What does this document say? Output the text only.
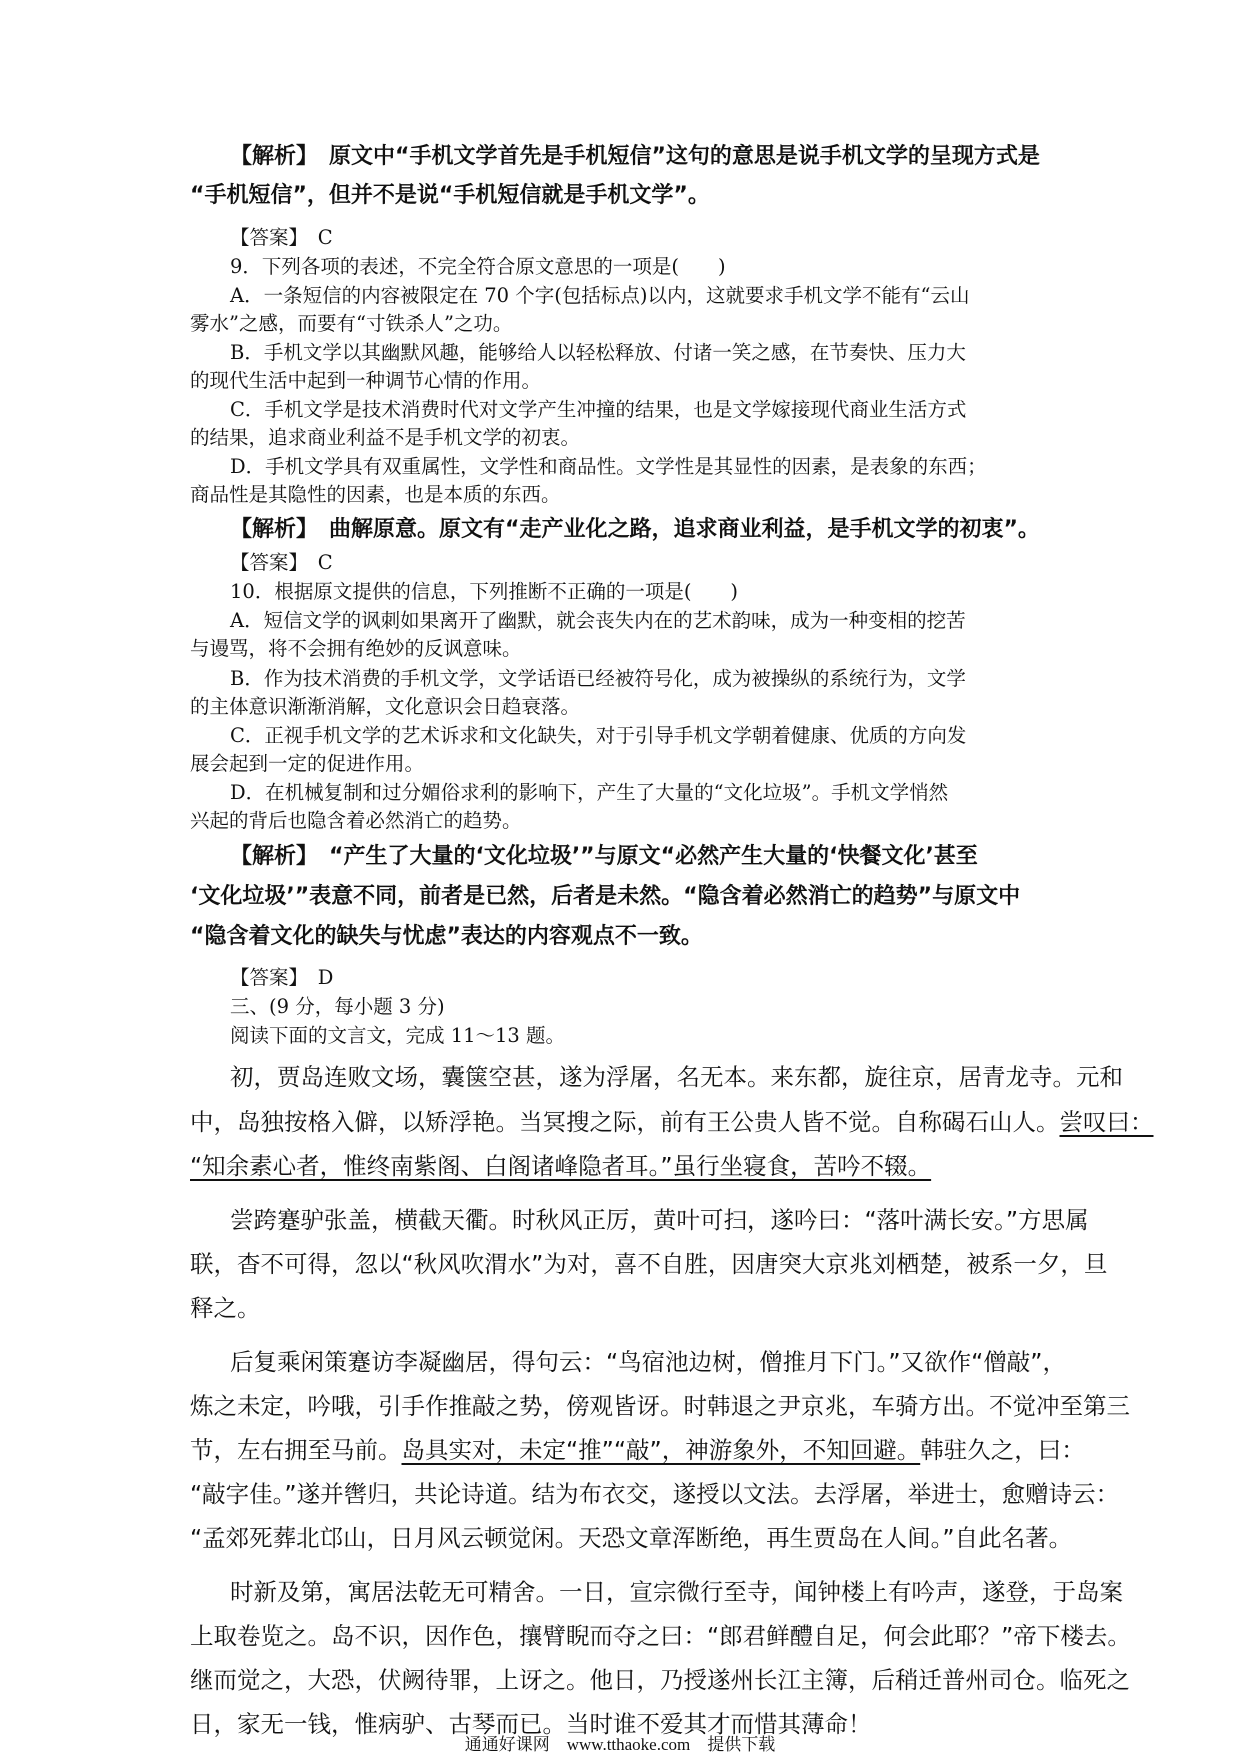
【解析】　原文中“手机文学首先是手机短信”这句的意思是说手机文学的呈现方式是
“手机短信”，但并不是说“手机短信就是手机文学”。
【答案】　C
9．下列各项的表述，不完全符合原文意思的一项是(　　)
A．一条短信的内容被限定在 70 个字(包括标点)以内，这就要求手机文学不能有“云山
雾水”之感，而要有“寸铁杀人”之功。
B．手机文学以其幽默风趣，能够给人以轻松释放、付诸一笑之感，在节奏快、压力大
的现代生活中起到一种调节心情的作用。
C．手机文学是技术消费时代对文学产生冲撞的结果，也是文学嫁接现代商业生活方式
的结果，追求商业利益不是手机文学的初衷。
D．手机文学具有双重属性，文学性和商品性。文学性是其显性的因素，是表象的东西；
商品性是其隐性的因素，也是本质的东西。
【解析】　曲解原意。原文有“走产业化之路，追求商业利益，是手机文学的初衷”。
【答案】　C
10．根据原文提供的信息，下列推断不正确的一项是(　　)
A．短信文学的讽刺如果离开了幽默，就会丧失内在的艺术韵味，成为一种变相的挖苦
与谩骂，将不会拥有绝妙的反讽意味。
B．作为技术消费的手机文学，文学话语已经被符号化，成为被操纵的系统行为，文学
的主体意识渐渐消解，文化意识会日趋衰落。
C．正视手机文学的艺术诉求和文化缺失，对于引导手机文学朝着健康、优质的方向发
展会起到一定的促进作用。
D．在机械复制和过分媚俗求利的影响下，产生了大量的“文化垃圾”。手机文学悄然
兴起的背后也隐含着必然消亡的趋势。
【解析】　“产生了大量的‘文化垃圾’”与原文“必然产生大量的‘快餐文化’甚至
‘文化垃圾’”表意不同，前者是已然，后者是未然。“隐含着必然消亡的趋势”与原文中
“隐含着文化的缺失与忧虑”表达的内容观点不一致。
【答案】　D
三、(9 分，每小题 3 分)
阅读下面的文言文，完成 11～13 题。
初，贾岛连败文场，囊箧空甚，遂为浮屠，名无本。来东都，旋往京，居青龙寺。元和
中，岛独按格入僻，以矫浮艳。当冥搜之际，前有王公贵人皆不觉。自称碣石山人。尝叹曰：
“知余素心者，惟终南紫阁、白阁诸峰隐者耳。”虽行坐寝食，苦吟不辍。
尝跨蹇驴张盖，横截天衢。时秋风正厉，黄叶可扫，遂吟曰：“落叶满长安。”方思属
联，杳不可得，忽以“秋风吹渭水”为对，喜不自胜，因唐突大京兆刘栖楚，被系一夕，旦
释之。
后复乘闲策蹇访李凝幽居，得句云：“鸟宿池边树，僧推月下门。”又欲作“僧敲”，
炼之未定，吟哦，引手作推敲之势，傍观皆讶。时韩退之尹京兆，车骑方出。不觉冲至第三
节，左右拥至马前。岛具实对，未定“推”“敲”，神游象外，不知回避。韩驻久之，曰：
“敲字佳。”遂并辔归，共论诗道。结为布衣交，遂授以文法。去浮屠，举进士，愈赠诗云：
“孟郊死葬北邙山，日月风云顿觉闲。天恐文章浑断绝，再生贾岛在人间。”自此名著。
时新及第，寓居法乾无可精舍。一日，宣宗微行至寺，闻钟楼上有吟声，遂登，于岛案
上取卷览之。岛不识，因作色，攘臂睨而夺之曰：“郎君鲜醴自足，何会此耶？”帝下楼去。
继而觉之，大恐，伏阙待罪，上讶之。他日，乃授遂州长江主簿，后稍迁普州司仓。临死之
日，家无一钱，惟病驴、古琴而已。当时谁不爱其才而惜其薄命！
通通好课网　www.tthaoke.com　提供下载
